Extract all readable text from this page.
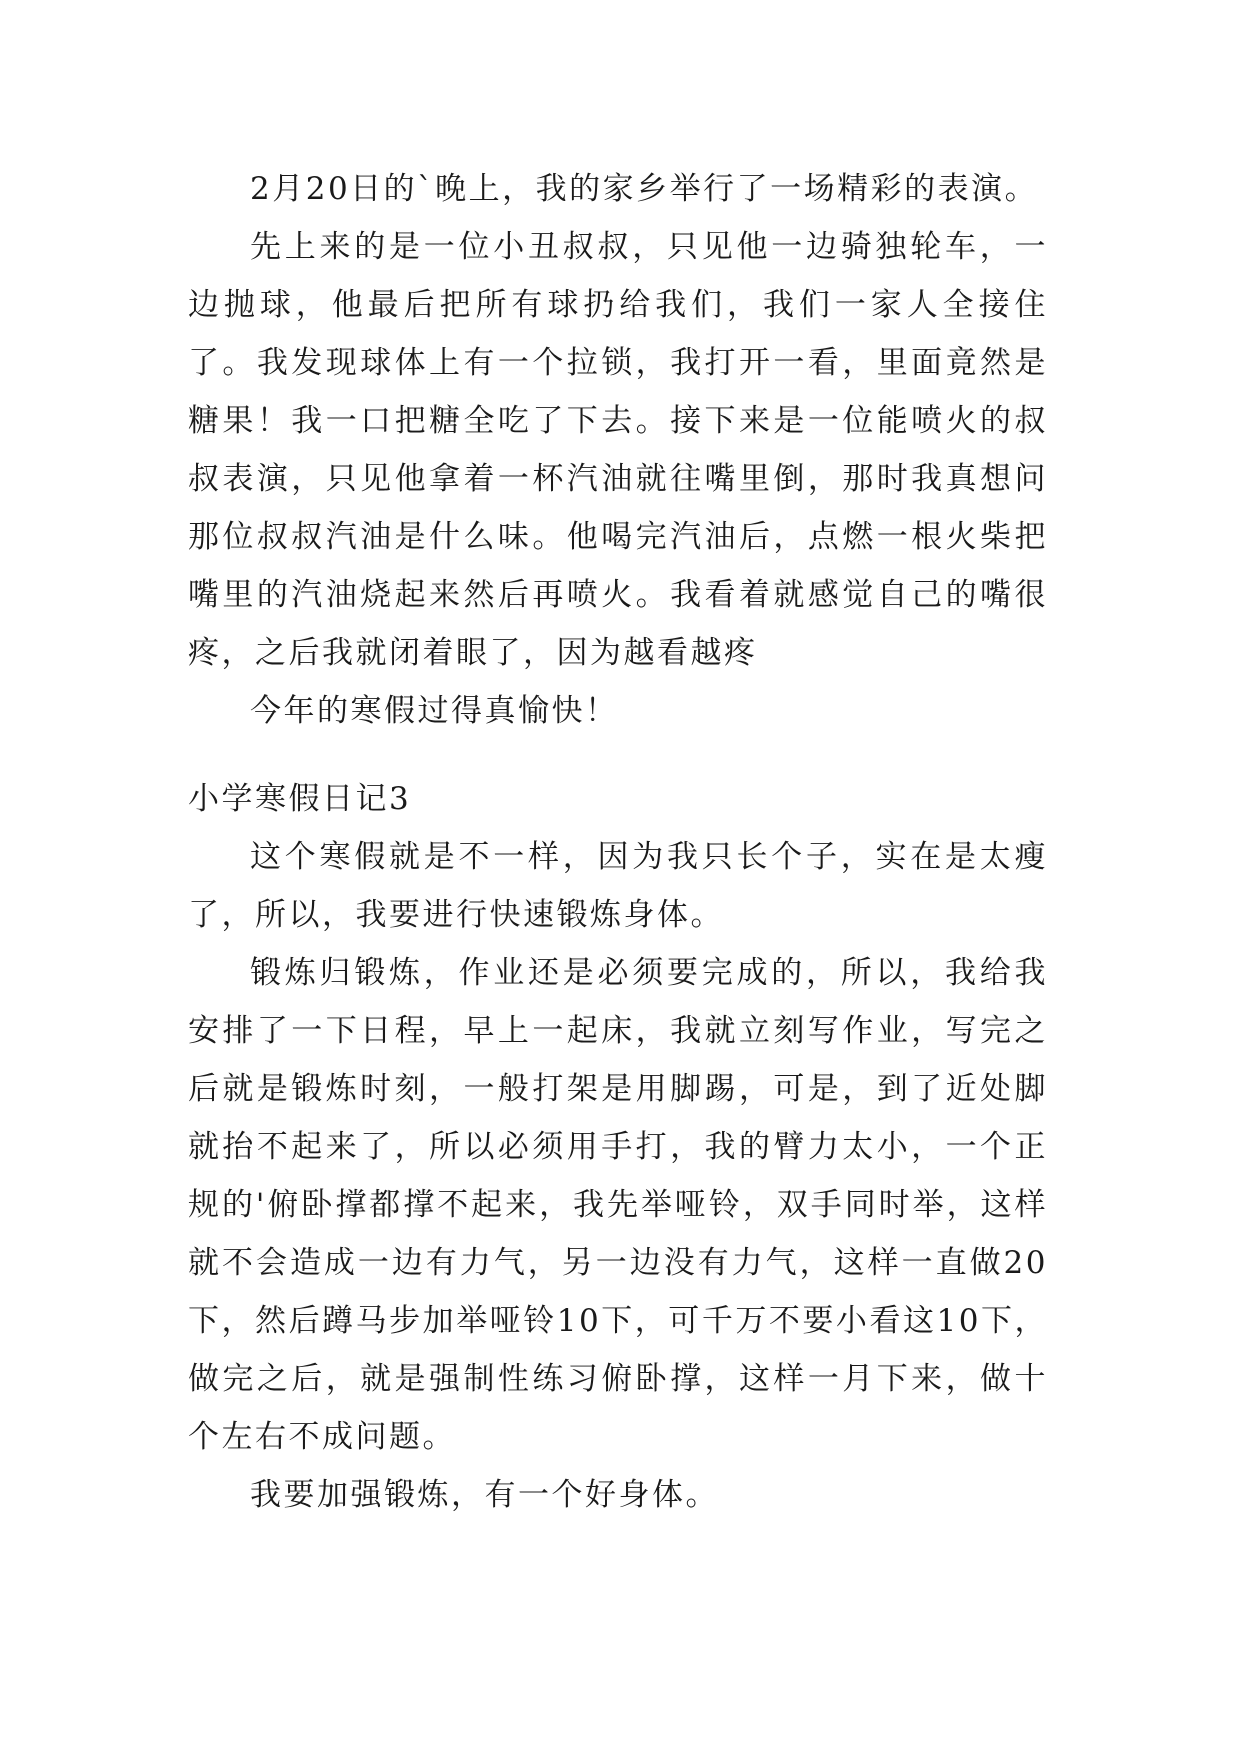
2月20日的`晚上，我的家乡举行了一场精彩的表演。

先上来的是一位小丑叔叔，只见他一边骑独轮车，一边抛球，他最后把所有球扔给我们，我们一家人全接住了。我发现球体上有一个拉锁，我打开一看，里面竟然是糖果！我一口把糖全吃了下去。接下来是一位能喷火的叔叔表演，只见他拿着一杯汽油就往嘴里倒，那时我真想问那位叔叔汽油是什么味。他喝完汽油后，点燃一根火柴把嘴里的汽油烧起来然后再喷火。我看着就感觉自己的嘴很疼，之后我就闭着眼了，因为越看越疼

今年的寒假过得真愉快！

小学寒假日记3

这个寒假就是不一样，因为我只长个子，实在是太瘦了，所以，我要进行快速锻炼身体。

锻炼归锻炼，作业还是必须要完成的，所以，我给我安排了一下日程，早上一起床，我就立刻写作业，写完之后就是锻炼时刻，一般打架是用脚踢，可是，到了近处脚就抬不起来了，所以必须用手打，我的臂力太小，一个正规的'俯卧撑都撑不起来，我先举哑铃，双手同时举，这样就不会造成一边有力气，另一边没有力气，这样一直做20下，然后蹲马步加举哑铃10下，可千万不要小看这10下，做完之后，就是强制性练习俯卧撑，这样一月下来，做十个左右不成问题。

我要加强锻炼，有一个好身体。
